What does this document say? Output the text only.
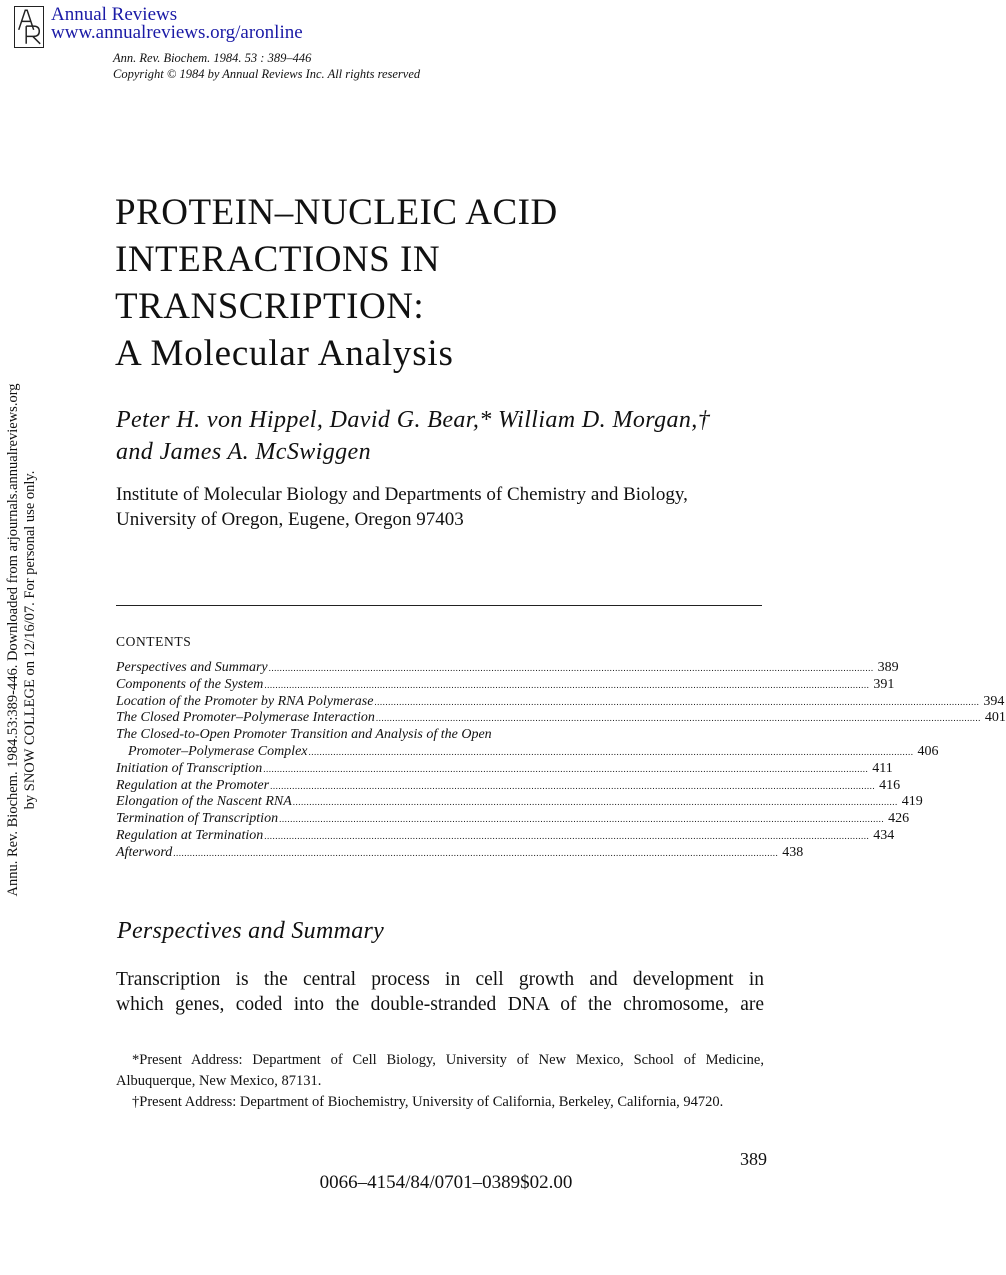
Annual Reviews
www.annualreviews.org/aronline
Ann. Rev. Biochem. 1984. 53 : 389–446
Copyright © 1984 by Annual Reviews Inc. All rights reserved
Annu. Rev. Biochem. 1984.53:389-446. Downloaded from arjournals.annualreviews.org by SNOW COLLEGE on 12/16/07. For personal use only.
PROTEIN–NUCLEIC ACID
INTERACTIONS IN
TRANSCRIPTION:
A Molecular Analysis
Peter H. von Hippel, David G. Bear,* William D. Morgan,†
and James A. McSwiggen
Institute of Molecular Biology and Departments of Chemistry and Biology,
University of Oregon, Eugene, Oregon 97403
CONTENTS
Perspectives and Summary ............................................................................................................................................................................................................................ 389
Components of the System ............................................................................................................................................................................................................................ 391
Location of the Promoter by RNA Polymerase ............................................................................................................................................................................................................................ 394
The Closed Promoter–Polymerase Interaction ............................................................................................................................................................................................................................ 401
The Closed-to-Open Promoter Transition and Analysis of the Open
Promoter–Polymerase Complex ............................................................................................................................................................................................................................ 406
Initiation of Transcription ............................................................................................................................................................................................................................ 411
Regulation at the Promoter ............................................................................................................................................................................................................................ 416
Elongation of the Nascent RNA ............................................................................................................................................................................................................................ 419
Termination of Transcription ............................................................................................................................................................................................................................ 426
Regulation at Termination ............................................................................................................................................................................................................................ 434
Afterword ............................................................................................................................................................................................................................ 438
Perspectives and Summary
Transcription is the central process in cell growth and development in
which genes, coded into the double-stranded DNA of the chromosome, are

*Present Address: Department of Cell Biology, University of New Mexico, School of Medicine, Albuquerque, New Mexico, 87131.

†Present Address: Department of Biochemistry, University of California, Berkeley, California, 94720.

389
0066–4154/84/0701–0389$02.00
